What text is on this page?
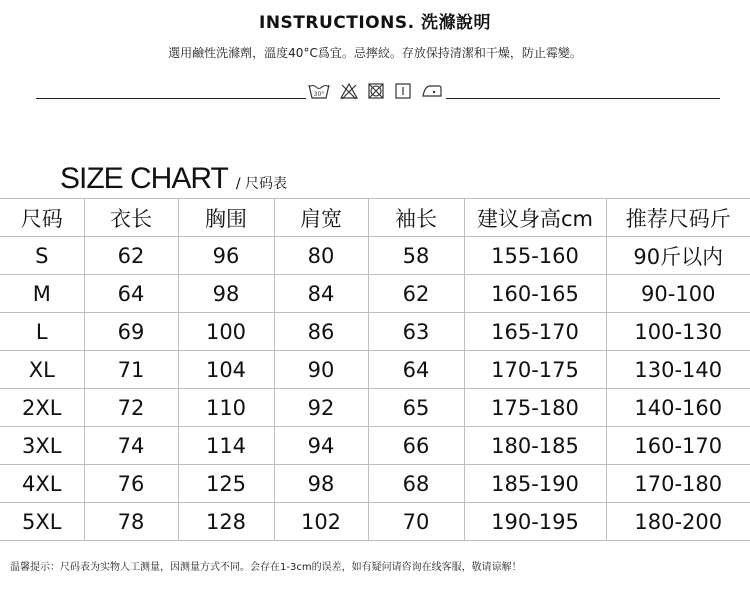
INSTRUCTIONS. 洗滌說明
選用鹼性洗滌劑，溫度40°C爲宜。忌擰絞。存放保持清潔和干燥，防止霉變。
30°
SIZE CHART / 尺码表
尺码	衣长	胸围	肩宽	袖长	建议身高cm	推荐尺码斤
S	62	96	80	58	155-160	90斤以内
M	64	98	84	62	160-165	90-100
L	69	100	86	63	165-170	100-130
XL	71	104	90	64	170-175	130-140
2XL	72	110	92	65	175-180	140-160
3XL	74	114	94	66	180-185	160-170
4XL	76	125	98	68	185-190	170-180
5XL	78	128	102	70	190-195	180-200
温馨提示：尺码表为实物人工测量，因测量方式不同。会存在1-3cm的误差，如有疑问请咨询在线客服，敬请谅解！
